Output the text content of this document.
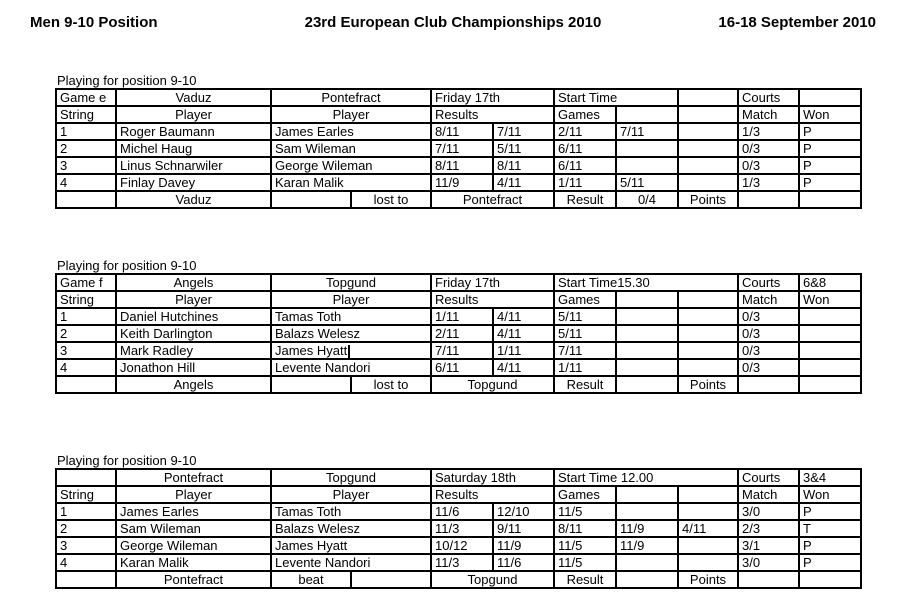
Men 9-10 Position	23rd European Club Championships 2010	16-18 September 2010
Playing for position 9-10
Game e	Vaduz	Pontefract		Friday 17th		Start Time			Courts	
String	Player	Player		Results		Games			Match	Won
1	Roger Baumann	James Earles		8/11	7/11	2/11	7/11		1/3	P
2	Michel Haug	Sam Wileman		7/11	5/11	6/11			0/3	P
3	Linus Schnarwiler	George Wileman		8/11	8/11	6/11			0/3	P
4	Finlay Davey	Karan Malik		11/9	4/11	1/11	5/11		1/3	P
	Vaduz		lost to	Pontefract		Result	0/4	Points		
Playing for position 9-10
Game f	Angels	Topgund		Friday 17th		Start Time15.30			Courts	6&8
String	Player	Player		Results		Games			Match	Won
1	Daniel Hutchines	Tamas Toth		1/11	4/11	5/11			0/3	
2	Keith Darlington	Balazs Welesz		2/11	4/11	5/11			0/3	
3	Mark Radley	James Hyatt		7/11	1/11	7/11			0/3	
4	Jonathon Hill	Levente Nandori		6/11	4/11	1/11			0/3	
	Angels		lost to	Topgund		Result		Points		
Playing for position 9-10
	Pontefract	Topgund		Saturday 18th		Start Time 12.00			Courts	3&4
String	Player	Player		Results		Games			Match	Won
1	James Earles	Tamas Toth		11/6	12/10	11/5			3/0	P
2	Sam Wileman	Balazs Welesz		11/3	9/11	8/11	11/9	4/11	2/3	T
3	George Wileman	James Hyatt		10/12	11/9	11/5	11/9		3/1	P
4	Karan Malik	Levente Nandori		11/3	11/6	11/5			3/0	P
	Pontefract	beat		Topgund		Result		Points		
